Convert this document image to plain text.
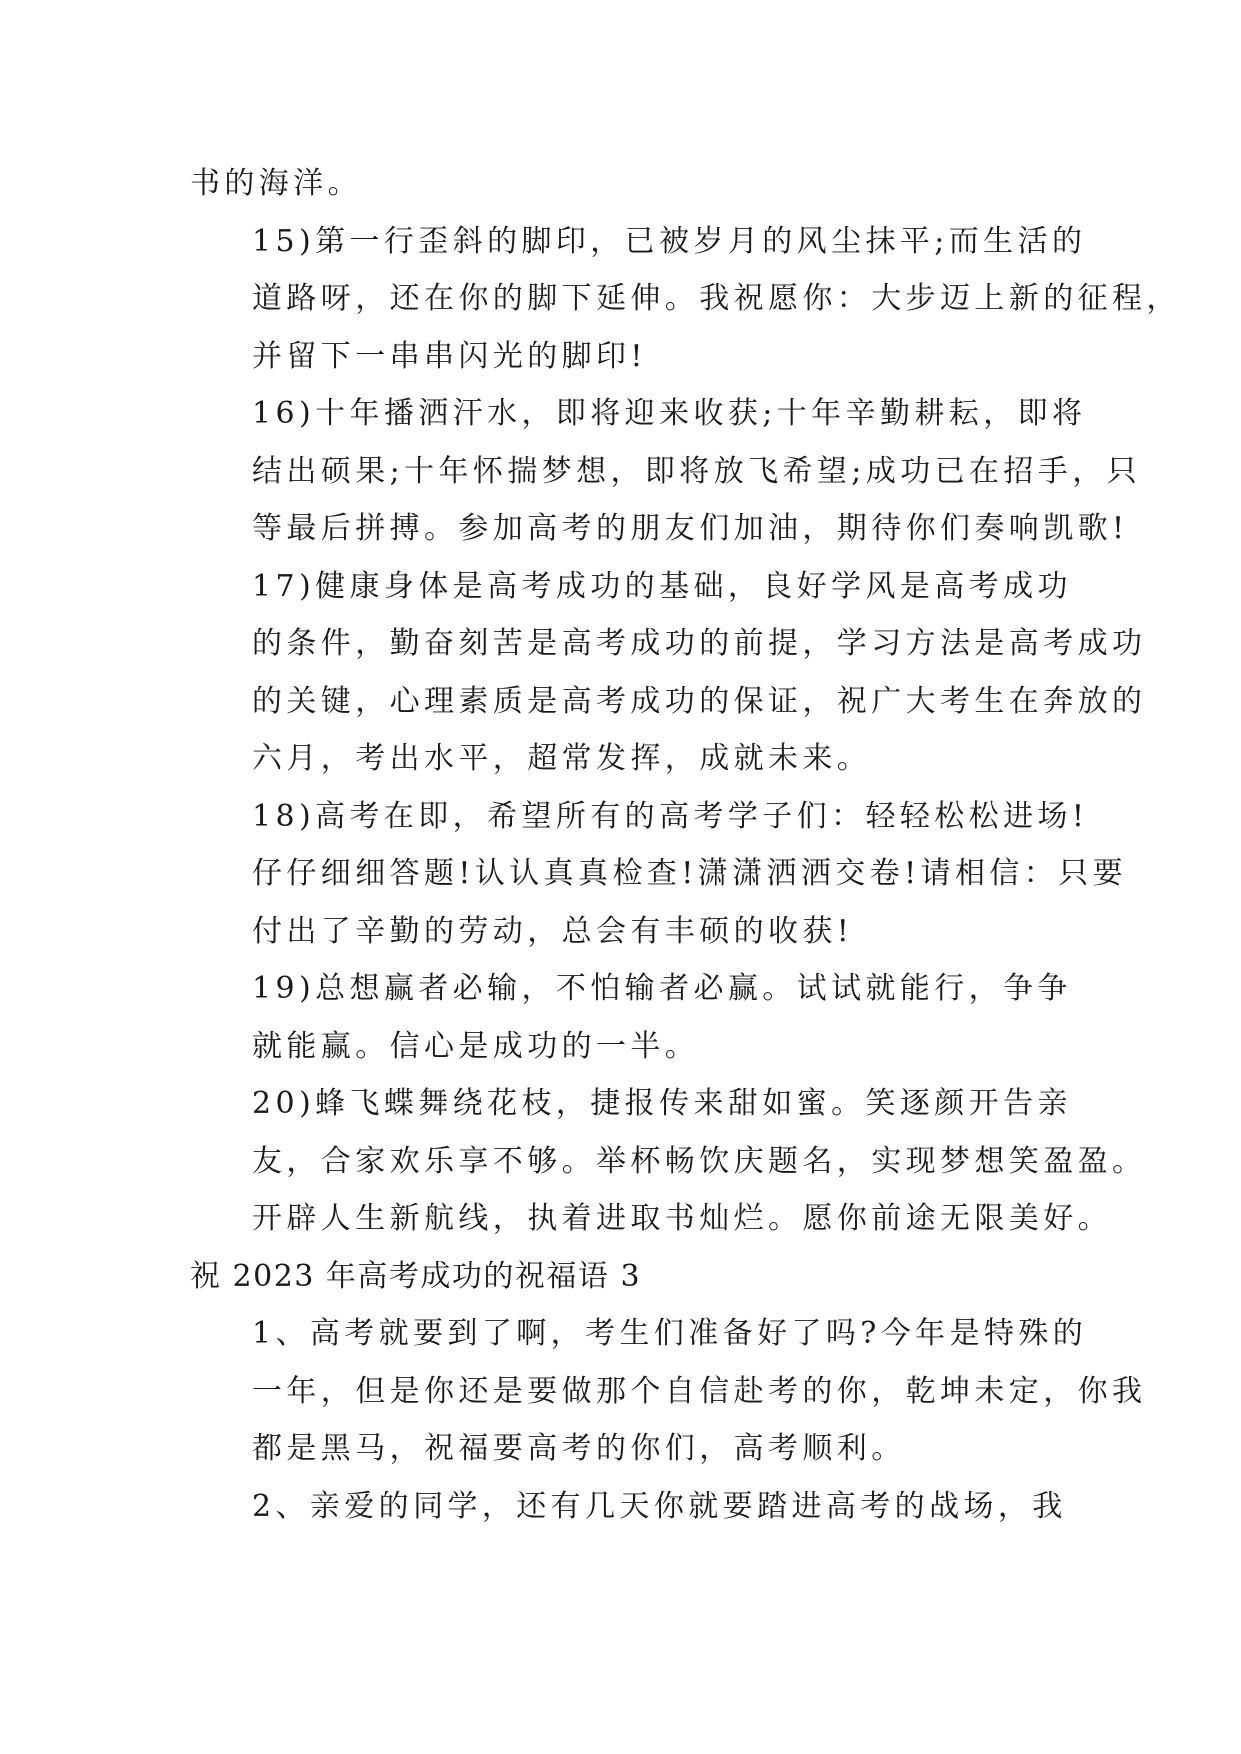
书的海洋。

15)第一行歪斜的脚印，已被岁月的风尘抹平;而生活的
道路呀，还在你的脚下延伸。我祝愿你：大步迈上新的征程，
并留下一串串闪光的脚印!

16)十年播洒汗水，即将迎来收获;十年辛勤耕耘，即将
结出硕果;十年怀揣梦想，即将放飞希望;成功已在招手，只
等最后拼搏。参加高考的朋友们加油，期待你们奏响凯歌!

17)健康身体是高考成功的基础，良好学风是高考成功
的条件，勤奋刻苦是高考成功的前提，学习方法是高考成功
的关键，心理素质是高考成功的保证，祝广大考生在奔放的
六月，考出水平，超常发挥，成就未来。

18)高考在即，希望所有的高考学子们：轻轻松松进场!
仔仔细细答题!认认真真检查!潇潇洒洒交卷!请相信：只要
付出了辛勤的劳动，总会有丰硕的收获!

19)总想赢者必输，不怕输者必赢。试试就能行，争争
就能赢。信心是成功的一半。

20)蜂飞蝶舞绕花枝，捷报传来甜如蜜。笑逐颜开告亲
友，合家欢乐享不够。举杯畅饮庆题名，实现梦想笑盈盈。
开辟人生新航线，执着进取书灿烂。愿你前途无限美好。

祝 2023 年高考成功的祝福语 3

1、高考就要到了啊，考生们准备好了吗?今年是特殊的
一年，但是你还是要做那个自信赴考的你，乾坤未定，你我
都是黑马，祝福要高考的你们，高考顺利。

2、亲爱的同学，还有几天你就要踏进高考的战场，我
